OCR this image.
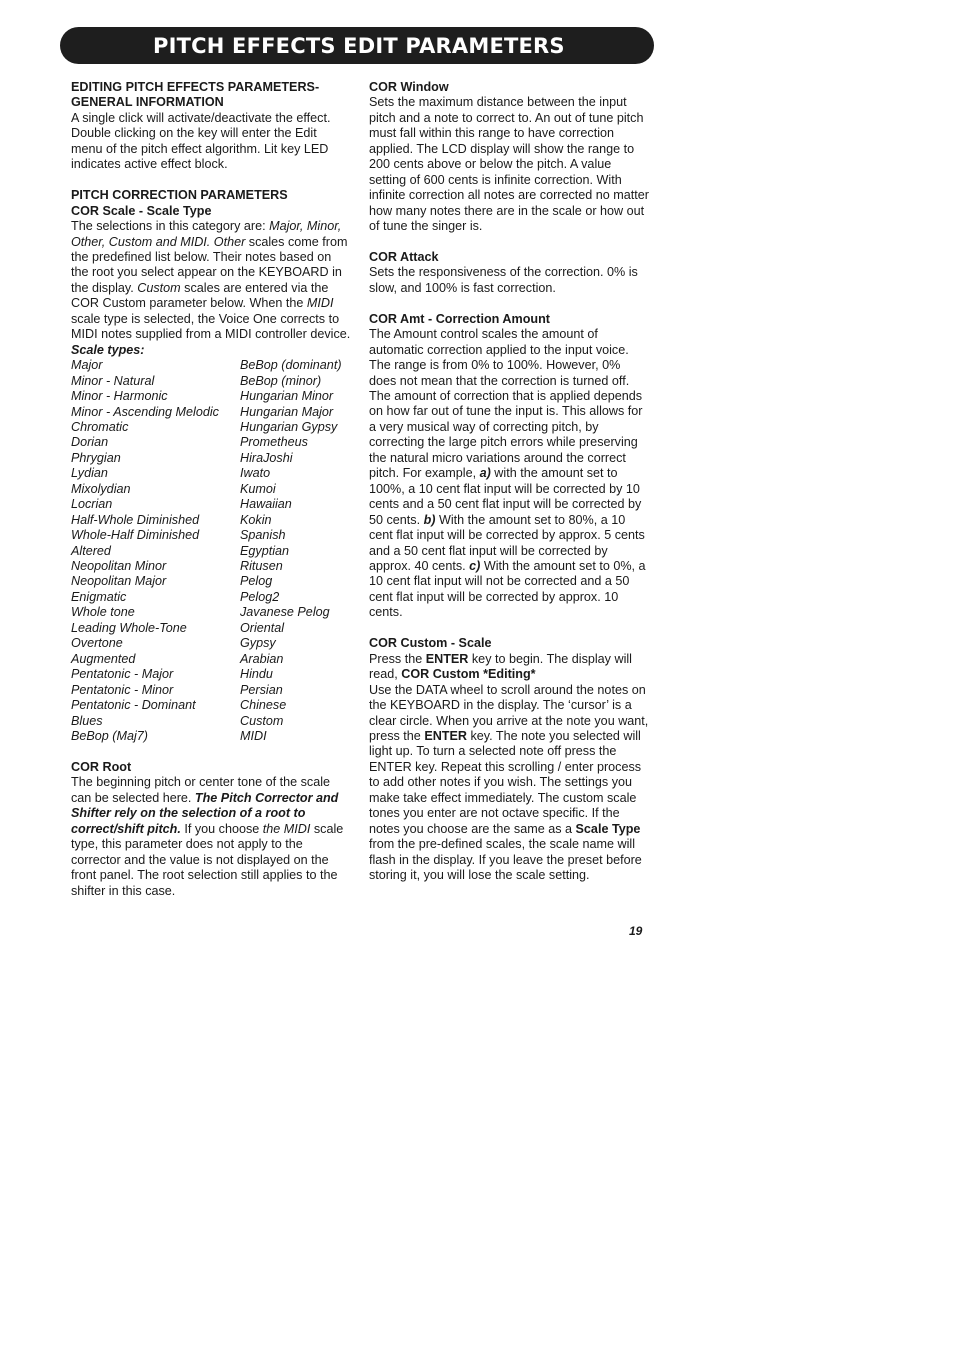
PITCH EFFECTS EDIT PARAMETERS

EDITING PITCH EFFECTS PARAMETERS-

GENERAL INFORMATION

A single click will activate/deactivate the effect. Double clicking on the key will enter the Edit menu of the pitch effect algorithm. Lit key LED indicates active effect block.

PITCH CORRECTION PARAMETERS

COR Scale - Scale Type

The selections in this category are: Major, Minor, Other, Custom and MIDI. Other scales come from the predefined list below. Their notes based on the root you select appear on the KEYBOARD in the display. Custom scales are entered via the COR Custom parameter below. When the MIDI scale type is selected, the Voice One corrects to MIDI notes supplied from a MIDI controller device.

Scale types:

Major	BeBop (dominant)
Minor - Natural	BeBop (minor)
Minor - Harmonic	Hungarian Minor
Minor - Ascending Melodic	Hungarian Major
Chromatic	Hungarian Gypsy
Dorian	Prometheus
Phrygian	HiraJoshi
Lydian	Iwato
Mixolydian	Kumoi
Locrian	Hawaiian
Half-Whole Diminished	Kokin
Whole-Half Diminished	Spanish
Altered	Egyptian
Neopolitan Minor	Ritusen
Neopolitan Major	Pelog
Enigmatic	Pelog2
Whole tone	Javanese Pelog
Leading Whole-Tone	Oriental
Overtone	Gypsy
Augmented	Arabian
Pentatonic - Major	Hindu
Pentatonic - Minor	Persian
Pentatonic - Dominant	Chinese
Blues	Custom
BeBop (Maj7)	MIDI

COR Root

The beginning pitch or center tone of the scale can be selected here. The Pitch Corrector and Shifter rely on the selection of a root to correct/shift pitch. If you choose the MIDI scale type, this parameter does not apply to the corrector and the value is not displayed on the front panel. The root selection still applies to the shifter in this case.

COR Window

Sets the maximum distance between the input pitch and a note to correct to. An out of tune pitch must fall within this range to have correction applied. The LCD display will show the range to 200 cents above or below the pitch. A value setting of 600 cents is infinite correction. With infinite correction all notes are corrected no matter how many notes there are in the scale or how out of tune the singer is.

COR Attack

Sets the responsiveness of the correction. 0% is slow, and 100% is fast correction.

COR Amt - Correction Amount

The Amount control scales the amount of automatic correction applied to the input voice. The range is from 0% to 100%. However, 0% does not mean that the correction is turned off. The amount of correction that is applied depends on how far out of tune the input is. This allows for a very musical way of correcting pitch, by correcting the large pitch errors while preserving the natural micro variations around the correct pitch. For example, a) with the amount set to 100%, a 10 cent flat input will be corrected by 10 cents and a 50 cent flat input will be corrected by 50 cents. b) With the amount set to 80%, a 10 cent flat input will be corrected by approx. 5 cents and a 50 cent flat input will be corrected by approx. 40 cents. c) With the amount set to 0%, a 10 cent flat input will not be corrected and a 50 cent flat input will be corrected by approx. 10 cents.

COR Custom - Scale

Press the ENTER key to begin. The display will read, COR Custom *Editing*

Use the DATA wheel to scroll around the notes on the KEYBOARD in the display. The ‘cursor’ is a clear circle. When you arrive at the note you want, press the ENTER key. The note you selected will light up. To turn a selected note off press the ENTER key. Repeat this scrolling / enter process to add other notes if you wish. The settings you make take effect immediately. The custom scale tones you enter are not octave specific. If the notes you choose are the same as a Scale Type from the pre-defined scales, the scale name will flash in the display. If you leave the preset before storing it, you will lose the scale setting.

19
